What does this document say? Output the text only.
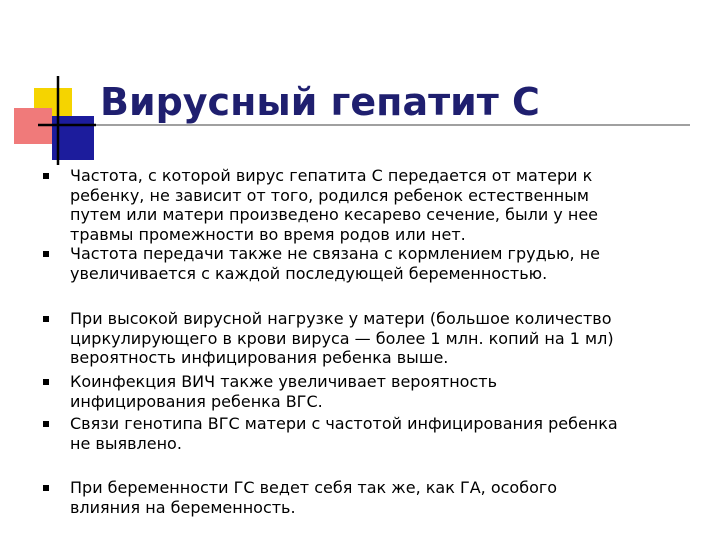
Вирусный гепатит С
Частота, с которой вирус гепатита С передается от матери к
ребенку, не зависит от того, родился ребенок естественным
путем или матери произведено кесарево сечение, были у нее
травмы промежности во время родов или нет.
Частота передачи также не связана с кормлением грудью, не
увеличивается с каждой последующей беременностью.
При высокой вирусной нагрузке у матери (большое количество
циркулирующего в крови вируса — более 1 млн. копий на 1 мл)
вероятность инфицирования ребенка выше.
Коинфекция ВИЧ также увеличивает вероятность
инфицирования ребенка ВГС.
Связи генотипа ВГС матери с частотой инфицирования ребенка
не выявлено.
При беременности ГС ведет себя так же, как ГА, особого
влияния на беременность.
